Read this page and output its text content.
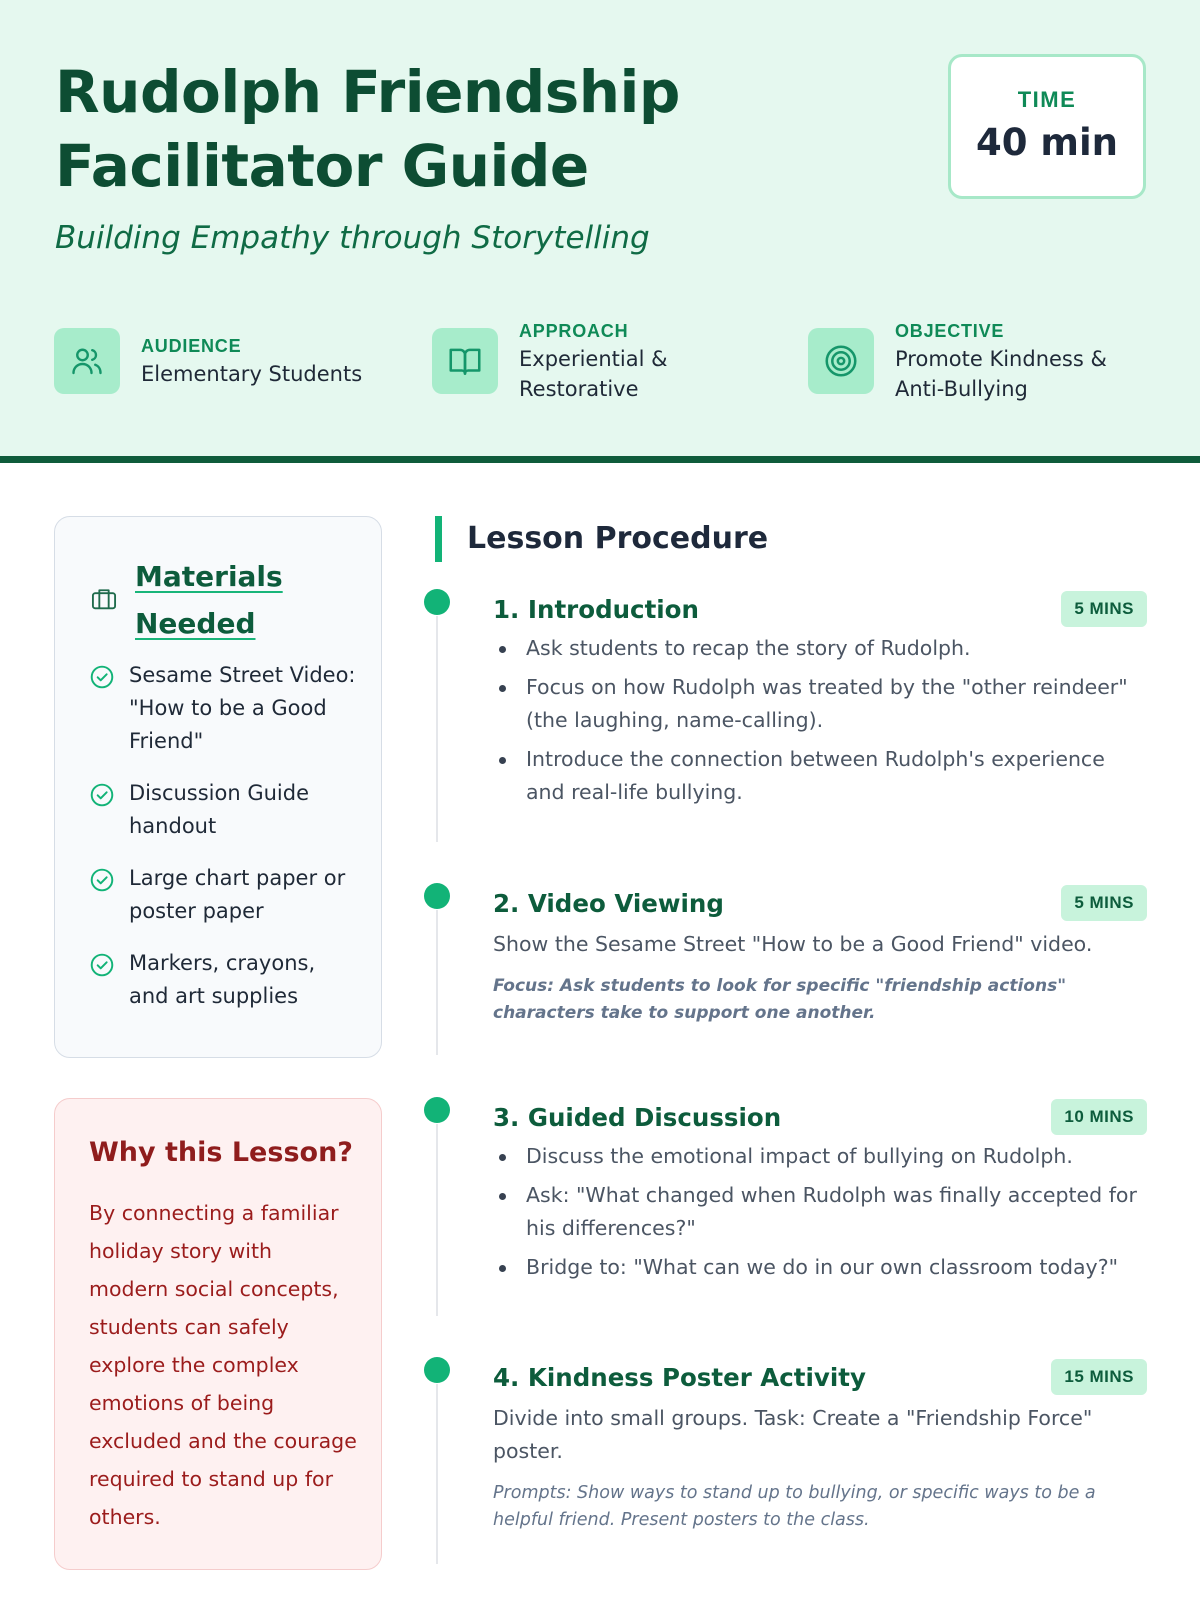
Rudolph Friendship
Facilitator Guide
Building Empathy through Storytelling
TIME
40 min
AUDIENCE
Elementary Students
APPROACH
Experiential & Restorative
OBJECTIVE
Promote Kindness & Anti-Bullying
Materials Needed
Sesame Street Video: "How to be a Good Friend"
Discussion Guide handout
Large chart paper or poster paper
Markers, crayons, and art supplies
Why this Lesson?

By connecting a familiar holiday story with modern social concepts, students can safely explore the complex emotions of being excluded and the courage required to stand up for others.

Lesson Procedure
1. Introduction	5 MINS
Ask students to recap the story of Rudolph.
Focus on how Rudolph was treated by the "other reindeer" (the laughing, name-calling).
Introduce the connection between Rudolph's experience and real-life bullying.
2. Video Viewing	5 MINS

Show the Sesame Street "How to be a Good Friend" video.

Focus: Ask students to look for specific "friendship actions" characters take to support one another.

3. Guided Discussion	10 MINS
Discuss the emotional impact of bullying on Rudolph.
Ask: "What changed when Rudolph was finally accepted for his differences?"
Bridge to: "What can we do in our own classroom today?"
4. Kindness Poster Activity	15 MINS

Divide into small groups. Task: Create a "Friendship Force" poster.

Prompts: Show ways to stand up to bullying, or specific ways to be a helpful friend. Present posters to the class.
